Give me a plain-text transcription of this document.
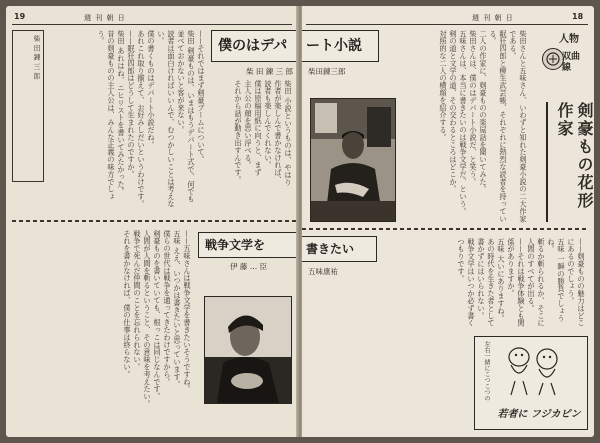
19	週 刊 朝 日
柴 田 錬 三 郎	——それではまず剣豪ブームについて。

柴田 剣豪ものは、いまはもうデパート式で、何でも並べておかないと客が来ない。

読者は面白ければいいんで、むつかしいことは考えない。

僕の書くものはデパート小説だね。

あれこれ取り揃えて、お好みしだいというわけです。

——眠狂四郎はどうして生まれたのですか。

柴田 あれはね、ニヒリストを書いてみたかった。

昔の剣豪ものの主人公は、みんな正義の味方でしょう。

僕のはデパ
柴 田 錬 三 郎

柴田 小説というものは、やはり

作者が楽しんで書かなければ、

読者も楽しんでくれない。

僕は原稿用紙に向うと、まず

主人公の顔を思い浮べる。

それから話が動き出すんです。

戦争文学を
伊 藤 … 臣

——五味さんは戦争文学を書きたいそうですね。

五味 ええ、いつかは書きたいと思っています。

僕らの世代は戦争を通ってきたわけですから。

剣豪ものを書いていても、根っこは同じなんです。

人間が人間を斬るということ、その意味を考えたい。

戦争で死んだ仲間のことを忘れられない。

それを書かなければ、僕の仕事は終らない。

週 刊 朝 日	18
ート小説
柴田錬三郎
書きたい
五味康祐

柴田さんと五味さん、いわずと知れた剣豪小説の二大作家である。

眠狂四郎と柳生武芸帳、それぞれに熱烈な読者を持っている。

二人の作家に、剣豪ものの楽屋話を聞いてみた。

柴田さんは、僕のはデパート小説だ、と笑う。

五味さんは、本当に書きたいのは戦争文学だ、という。

剣の道と文学の道、その交わるところはどこか。

対照的な二人の横顔を紹介する。	人物
双曲線
剣豪もの花形作家

——剣豪ものの魅力はどこにあるのでしょう。

五味 一瞬の勝負でしょうね。

斬るか斬られるか、そこに人間のすべてが出る。

——それは戦争体験とも関係がありますか。

五味 大いにありますね。

あの時代を生きた者として書かずにはいられない。

戦争文学はいつか必ず書くつもりです。

左右一緒にこつこつの
若者に フジカピン
